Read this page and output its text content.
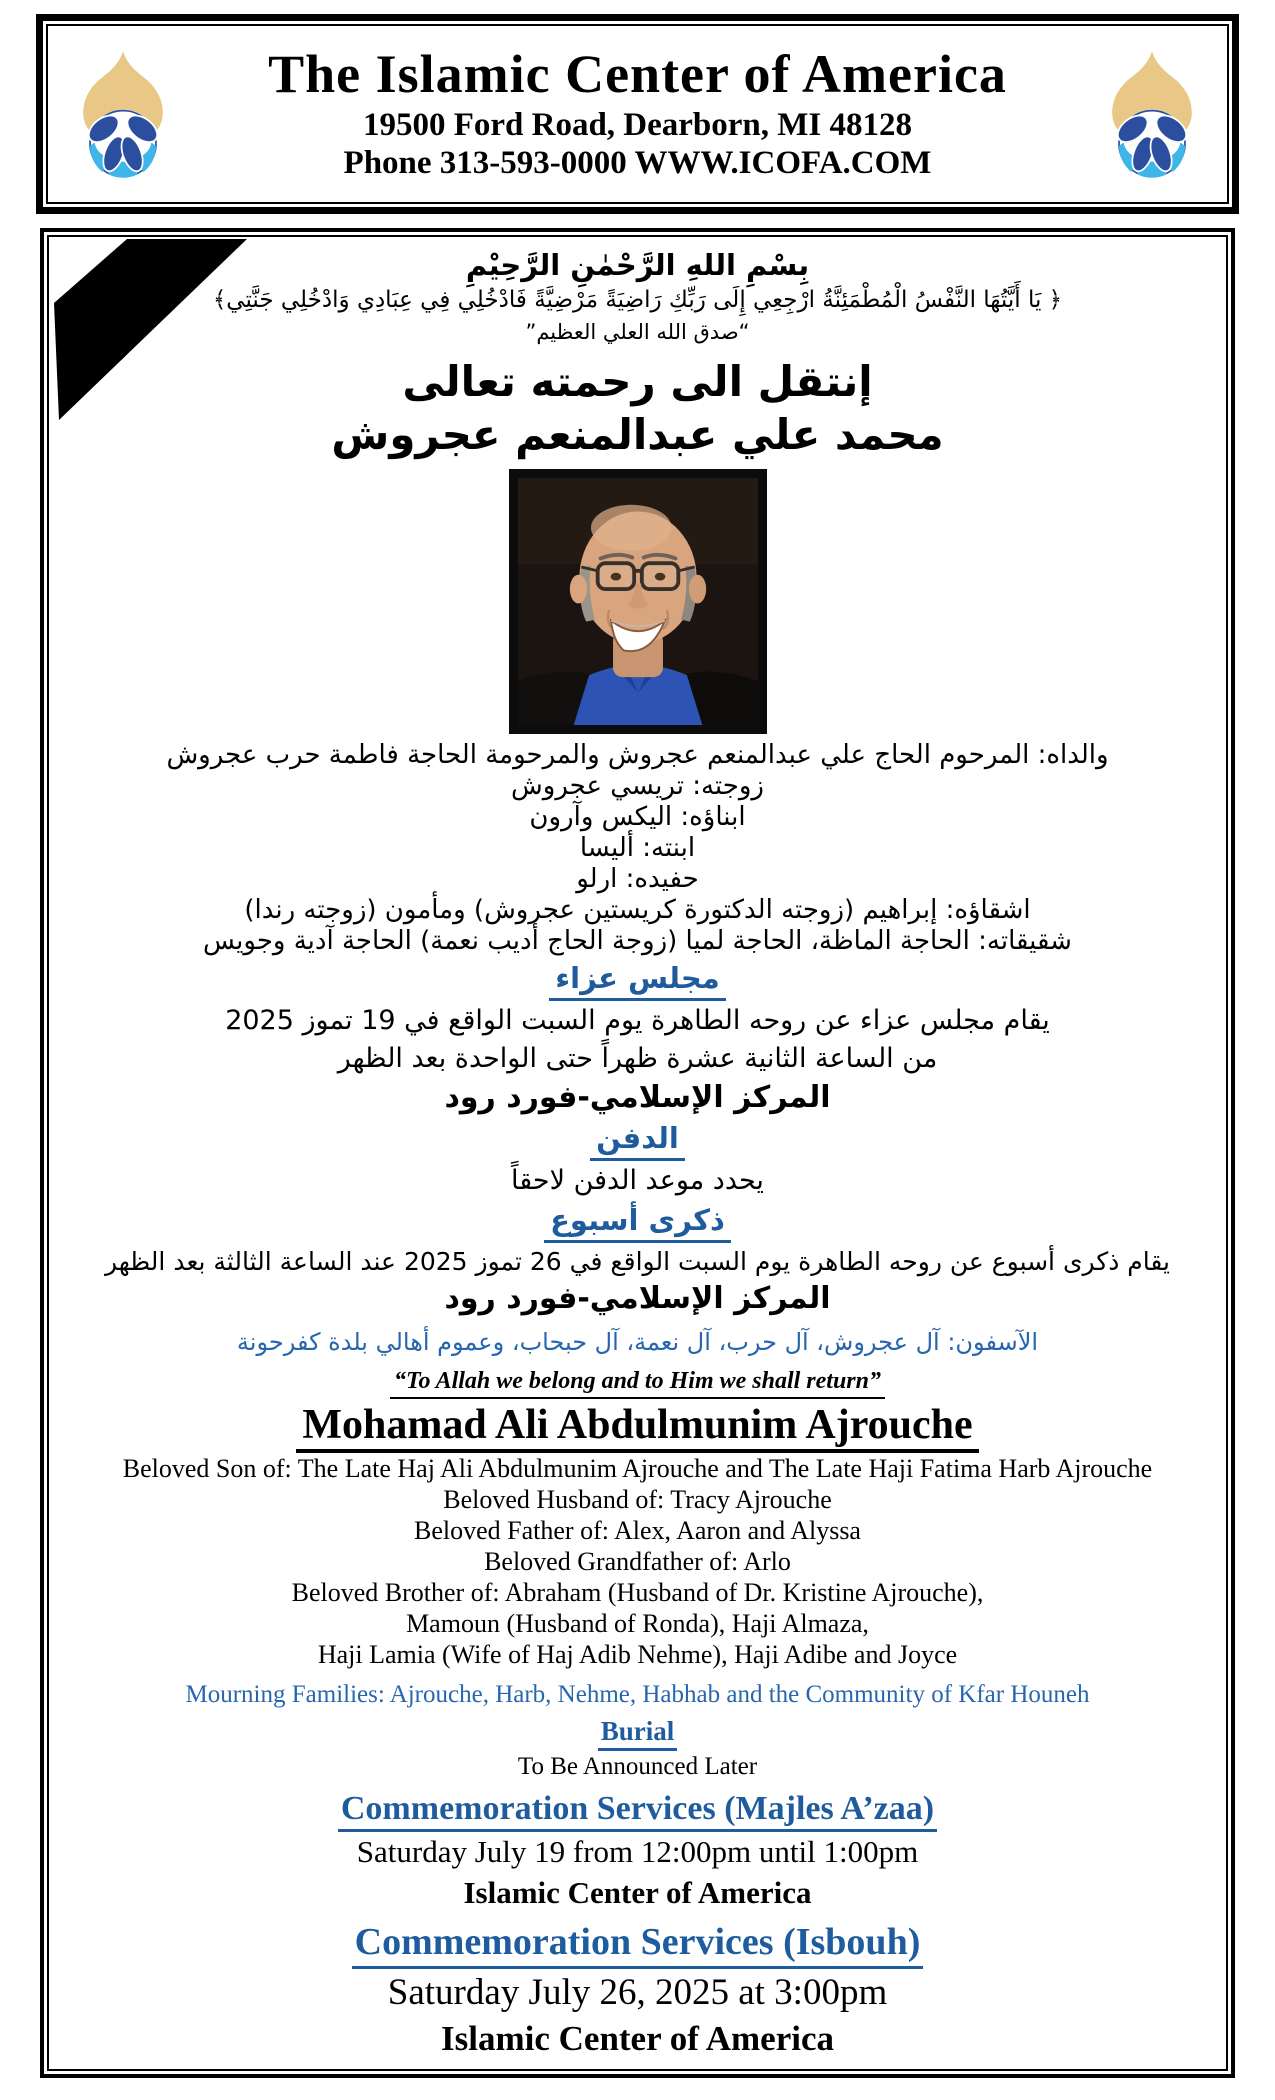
The Islamic Center of America
19500 Ford Road, Dearborn, MI 48128
Phone 313-593-0000 WWW.ICOFA.COM
بِسْمِ اللهِ الرَّحْمٰنِ الرَّحِيْمِ
﴿ يَا أَيَّتُهَا النَّفْسُ الْمُطْمَئِنَّةُ ارْجِعِي إِلَى رَبِّكِ رَاضِيَةً مَرْضِيَّةً فَادْخُلِي فِي عِبَادِي وَادْخُلِي جَنَّتِي﴾
“صدق الله العلي العظيم”
إنتقل الى رحمته تعالى
محمد علي عبدالمنعم عجروش
والداه: المرحوم الحاج علي عبدالمنعم عجروش والمرحومة الحاجة فاطمة حرب عجروش
زوجته: تريسي عجروش
ابناؤه: اليكس وآرون
ابنته: أليسا
حفيده: ارلو
اشقاؤه: إبراهيم (زوجته الدكتورة كريستين عجروش) ومأمون (زوجته رندا)
شقيقاته: الحاجة الماظة، الحاجة لميا (زوجة الحاج أديب نعمة) الحاجة آدية وجويس
مجلس عزاء
يقام مجلس عزاء عن روحه الطاهرة يوم السبت الواقع في 19 تموز 2025
من الساعة الثانية عشرة ظهراً حتى الواحدة بعد الظهر
المركز الإسلامي-فورد رود
الدفن
يحدد موعد الدفن لاحقاً
ذكرى أسبوع
يقام ذكرى أسبوع عن روحه الطاهرة يوم السبت الواقع في 26 تموز 2025 عند الساعة الثالثة بعد الظهر
المركز الإسلامي-فورد رود
الآسفون: آل عجروش، آل حرب، آل نعمة، آل حبحاب، وعموم أهالي بلدة كفرحونة
“To Allah we belong and to Him we shall return”
Mohamad Ali Abdulmunim Ajrouche
Beloved Son of: The Late Haj Ali Abdulmunim Ajrouche and The Late Haji Fatima Harb Ajrouche
Beloved Husband of: Tracy Ajrouche
Beloved Father of: Alex, Aaron and Alyssa
Beloved Grandfather of: Arlo
Beloved Brother of: Abraham (Husband of Dr. Kristine Ajrouche),
Mamoun (Husband of Ronda), Haji Almaza,
Haji Lamia (Wife of Haj Adib Nehme), Haji Adibe and Joyce
Mourning Families: Ajrouche, Harb, Nehme, Habhab and the Community of Kfar Houneh
Burial
To Be Announced Later
Commemoration Services (Majles A’zaa)
Saturday July 19 from 12:00pm until 1:00pm
Islamic Center of America
Commemoration Services (Isbouh)
Saturday July 26, 2025 at 3:00pm
Islamic Center of America
